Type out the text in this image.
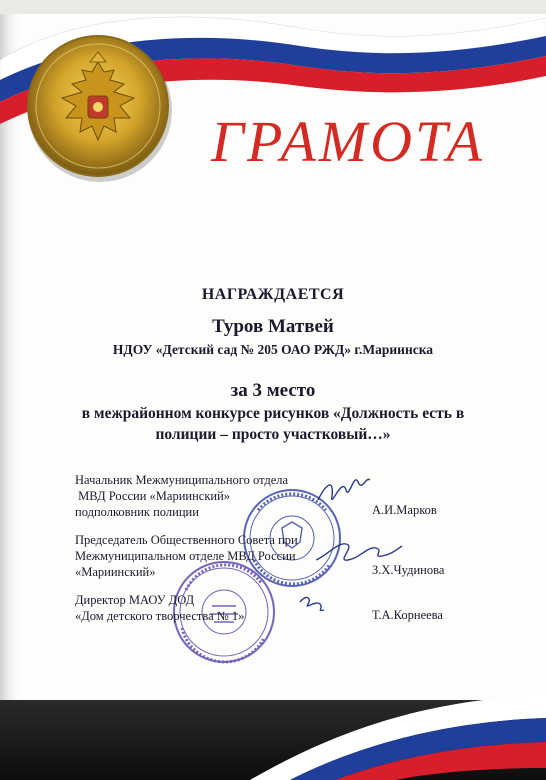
ГРАМОТА
НАГРАЖДАЕТСЯ
Туров Матвей
НДОУ «Детский сад № 205 ОАО РЖД» г.Мариинска
за 3 место
в межрайонном конкурсе рисунков «Должность есть в
полиции – просто участковый…»
Начальник Межмуниципального отдела
МВД России «Мариинский»
подполковник полиции	А.И.Марков
Председатель Общественного Совета при
Межмуниципальном отделе МВД России
«Мариинский»	З.Х.Чудинова
Директор МАОУ ДОД
«Дом детского творчества № 1»	Т.А.Корнеева
